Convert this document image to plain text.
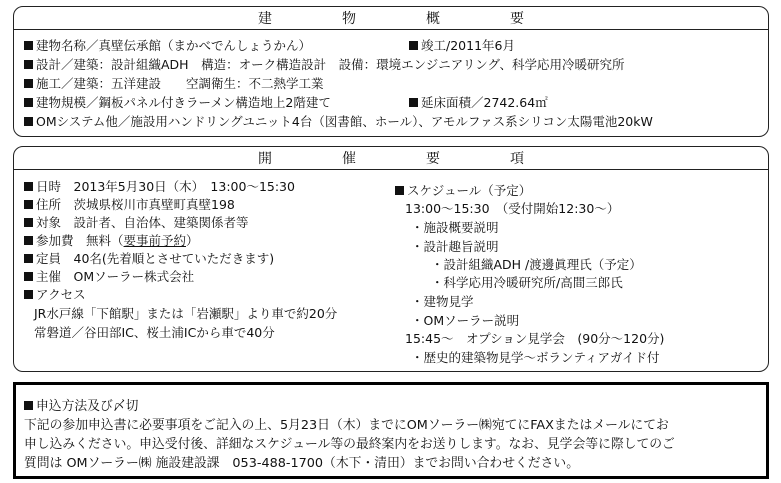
建　物　概　要
建物名称／真壁伝承館（まかべでんしょうかん）	竣工/2011年6月
設計／建築：設計組織ADH　構造：オーク構造設計　設備：環境エンジニアリング、科学応用冷暖研究所
施工／建築：五洋建設　　空調衛生：不二熱学工業
建物規模／鋼板パネル付きラーメン構造地上2階建て	延床面積／2742.64㎡
OMシステム他／施設用ハンドリングユニット4台（図書館、ホール）、アモルファス系シリコン太陽電池20kW
開　催　要　項
日時　2013年5月30日（木）　13:00～15:30
住所　茨城県桜川市真壁町真壁198
対象　設計者、自治体、建築関係者等
参加費　無料（要事前予約）
定員　40名(先着順とさせていただきます)
主催　OMソーラー株式会社
アクセス
JR水戸線「下館駅」または「岩瀬駅」より車で約20分
常磐道／谷田部IC、桜土浦ICから車で40分
スケジュール（予定）
13:00～15:30　（受付開始12:30～）
・施設概要説明
・設計趣旨説明
・設計組織ADH /渡邊眞理氏（予定）
・科学応用冷暖研究所/高間三郎氏
・建物見学
・OMソーラー説明
15:45～　オプション見学会　(90分～120分)
・歴史的建築物見学～ボランティアガイド付
申込方法及び〆切
下記の参加申込書に必要事項をご記入の上、5月23日（木）までにOMソーラー㈱宛てにFAXまたはメールにてお
申し込みください。申込受付後、詳細なスケジュール等の最終案内をお送りします。なお、見学会等に際してのご
質問は OMソーラー㈱ 施設建設課　053-488-1700（木下・清田）までお問い合わせください。
